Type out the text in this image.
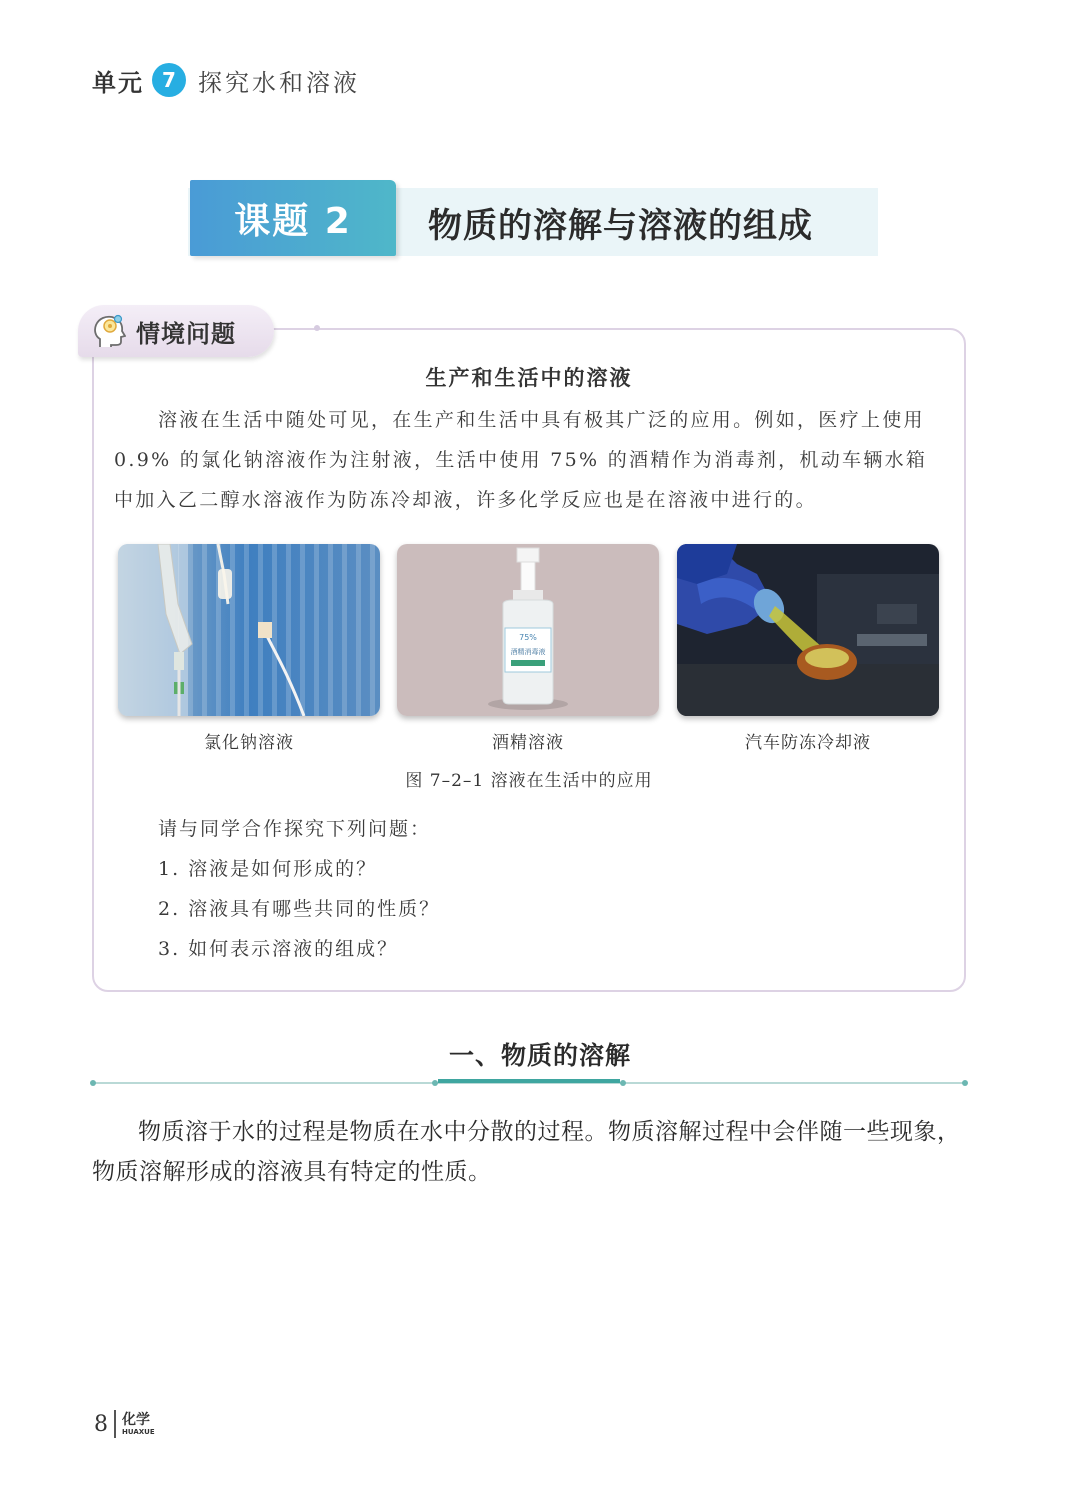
单元 7 探究水和溶液
课题 2	物质的溶解与溶液的组成
情境问题
生产和生活中的溶液
溶液在生活中随处可见，在生产和生活中具有极其广泛的应用。例如，医疗上使用 0.9% 的氯化钠溶液作为注射液，生活中使用 75% 的酒精作为消毒剂，机动车辆水箱中加入乙二醇水溶液作为防冻冷却液，许多化学反应也是在溶液中进行的。
75%
酒精消毒液
氯化钠溶液	酒精溶液	汽车防冻冷却液
图 7–2–1 溶液在生活中的应用
请与同学合作探究下列问题：
1. 溶液是如何形成的？
2. 溶液具有哪些共同的性质？
3. 如何表示溶液的组成？
一、物质的溶解

物质溶于水的过程是物质在水中分散的过程。物质溶解过程中会伴随一些现象，物质溶解形成的溶液具有特定的性质。

8 化学
HUAXUE
